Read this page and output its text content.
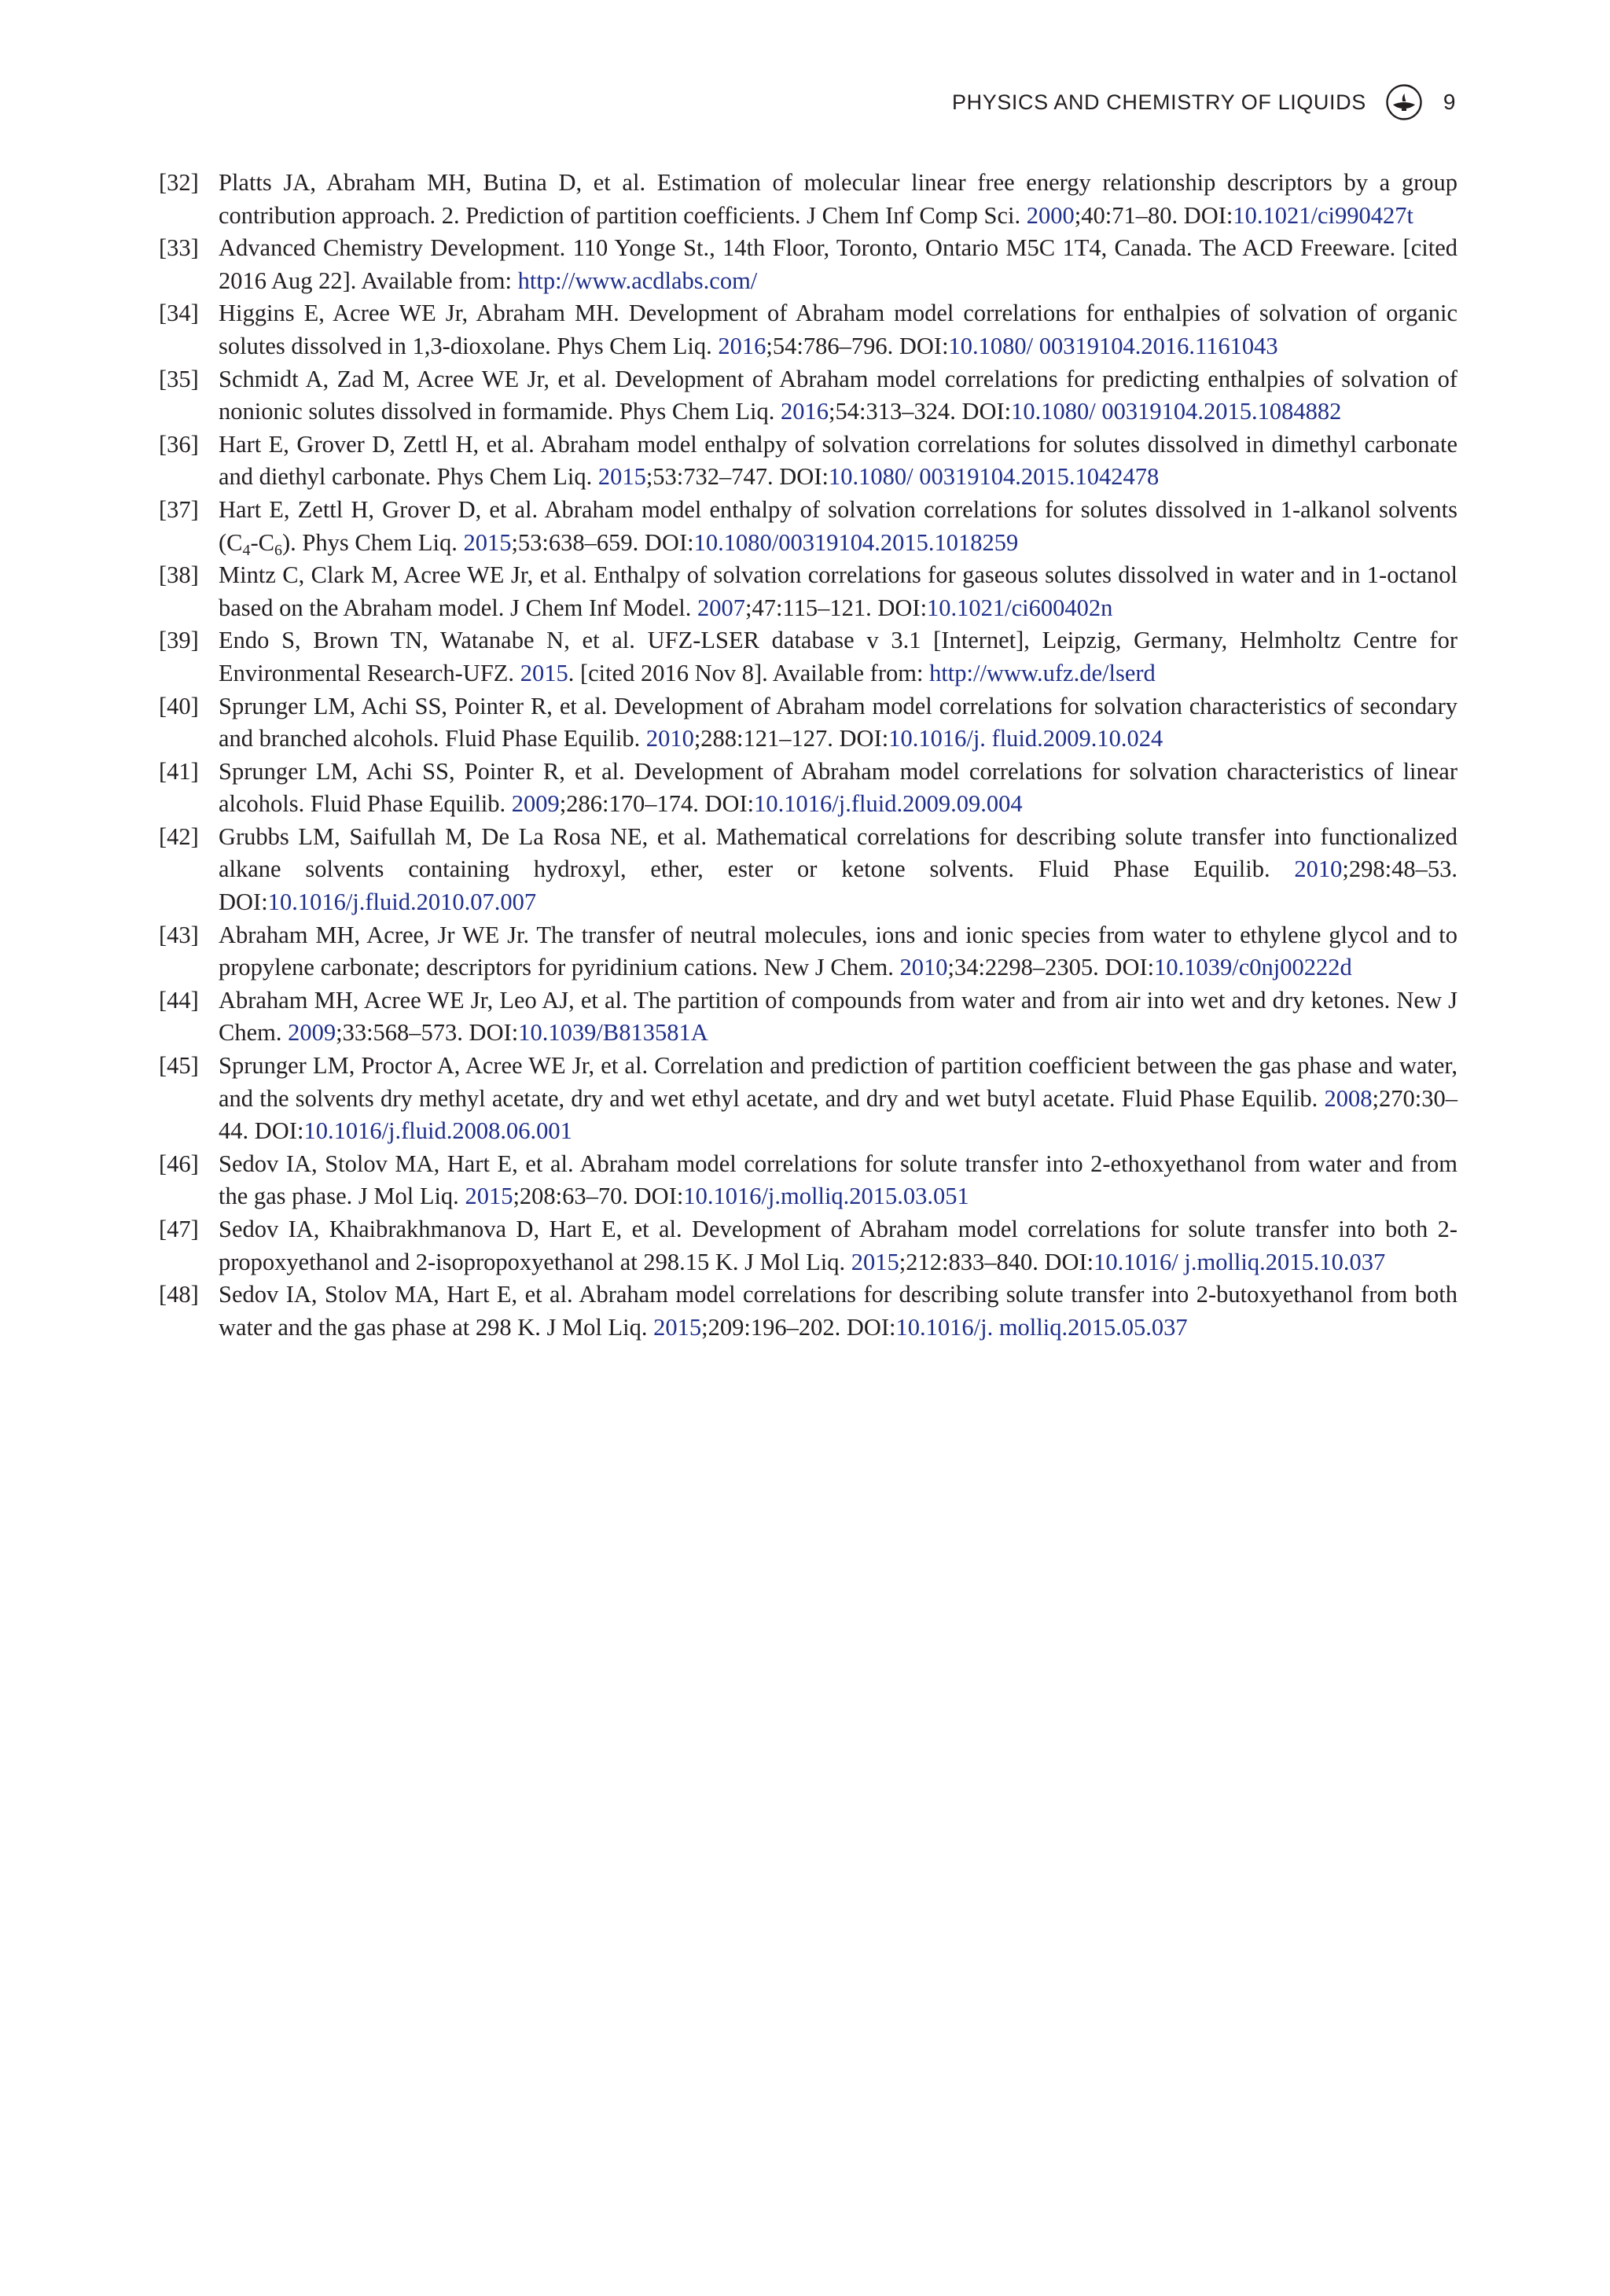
PHYSICS AND CHEMISTRY OF LIQUIDS	9
[32] Platts JA, Abraham MH, Butina D, et al. Estimation of molecular linear free energy relationship descriptors by a group contribution approach. 2. Prediction of partition coefficients. J Chem Inf Comp Sci. 2000;40:71–80. DOI:10.1021/ci990427t
[33] Advanced Chemistry Development. 110 Yonge St., 14th Floor, Toronto, Ontario M5C 1T4, Canada. The ACD Freeware. [cited 2016 Aug 22]. Available from: http://www.acdlabs.com/
[34] Higgins E, Acree WE Jr, Abraham MH. Development of Abraham model correlations for enthalpies of solvation of organic solutes dissolved in 1,3-dioxolane. Phys Chem Liq. 2016;54:786–796. DOI:10.1080/ 00319104.2016.1161043
[35] Schmidt A, Zad M, Acree WE Jr, et al. Development of Abraham model correlations for predicting enthalpies of solvation of nonionic solutes dissolved in formamide. Phys Chem Liq. 2016;54:313–324. DOI:10.1080/ 00319104.2015.1084882
[36] Hart E, Grover D, Zettl H, et al. Abraham model enthalpy of solvation correlations for solutes dissolved in dimethyl carbonate and diethyl carbonate. Phys Chem Liq. 2015;53:732–747. DOI:10.1080/ 00319104.2015.1042478
[37] Hart E, Zettl H, Grover D, et al. Abraham model enthalpy of solvation correlations for solutes dissolved in 1-alkanol solvents $(C_4-C_6)$. Phys Chem Liq. 2015;53:638–659. DOI:10.1080/00319104.2015.1018259
[38] Mintz C, Clark M, Acree WE Jr, et al. Enthalpy of solvation correlations for gaseous solutes dissolved in water and in 1-octanol based on the Abraham model. J Chem Inf Model. 2007;47:115–121. DOI:10.1021/ci600402n
[39] Endo S, Brown TN, Watanabe N, et al. UFZ-LSER database v 3.1 [Internet], Leipzig, Germany, Helmholtz Centre for Environmental Research-UFZ. 2015. [cited 2016 Nov 8]. Available from: http://www.ufz.de/lserd
[40] Sprunger LM, Achi SS, Pointer R, et al. Development of Abraham model correlations for solvation characteristics of secondary and branched alcohols. Fluid Phase Equilib. 2010;288:121–127. DOI:10.1016/j. fluid.2009.10.024
[41] Sprunger LM, Achi SS, Pointer R, et al. Development of Abraham model correlations for solvation characteristics of linear alcohols. Fluid Phase Equilib. 2009;286:170–174. DOI:10.1016/j.fluid.2009.09.004
[42] Grubbs LM, Saifullah M, De La Rosa NE, et al. Mathematical correlations for describing solute transfer into functionalized alkane solvents containing hydroxyl, ether, ester or ketone solvents. Fluid Phase Equilib. 2010;298:48–53. DOI:10.1016/j.fluid.2010.07.007
[43] Abraham MH, Acree, Jr WE Jr. The transfer of neutral molecules, ions and ionic species from water to ethylene glycol and to propylene carbonate; descriptors for pyridinium cations. New J Chem. 2010;34:2298–2305. DOI:10.1039/c0nj00222d
[44] Abraham MH, Acree WE Jr, Leo AJ, et al. The partition of compounds from water and from air into wet and dry ketones. New J Chem. 2009;33:568–573. DOI:10.1039/B813581A
[45] Sprunger LM, Proctor A, Acree WE Jr, et al. Correlation and prediction of partition coefficient between the gas phase and water, and the solvents dry methyl acetate, dry and wet ethyl acetate, and dry and wet butyl acetate. Fluid Phase Equilib. 2008;270:30–44. DOI:10.1016/j.fluid.2008.06.001
[46] Sedov IA, Stolov MA, Hart E, et al. Abraham model correlations for solute transfer into 2-ethoxyethanol from water and from the gas phase. J Mol Liq. 2015;208:63–70. DOI:10.1016/j.molliq.2015.03.051
[47] Sedov IA, Khaibrakhmanova D, Hart E, et al. Development of Abraham model correlations for solute transfer into both 2-propoxyethanol and 2-isopropoxyethanol at 298.15 K. J Mol Liq. 2015;212:833–840. DOI:10.1016/ j.molliq.2015.10.037
[48] Sedov IA, Stolov MA, Hart E, et al. Abraham model correlations for describing solute transfer into 2-butoxyethanol from both water and the gas phase at 298 K. J Mol Liq. 2015;209:196–202. DOI:10.1016/j. molliq.2015.05.037
